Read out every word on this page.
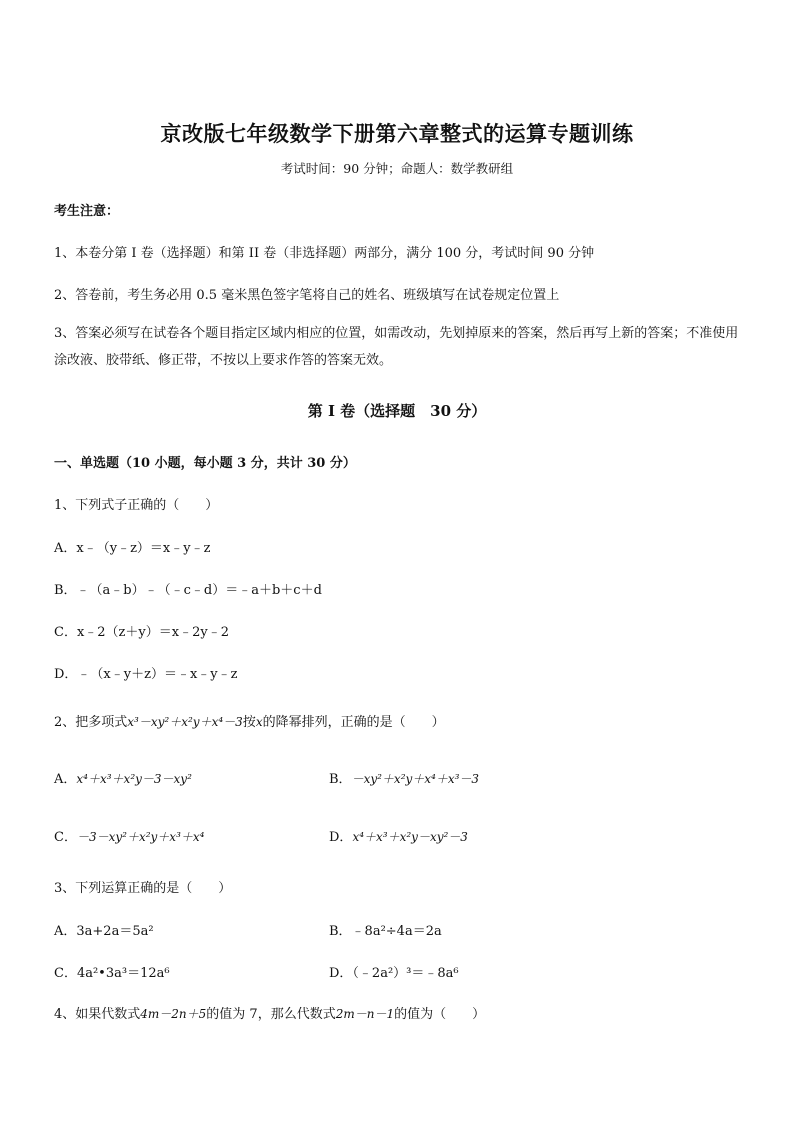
京改版七年级数学下册第六章整式的运算专题训练
考试时间：90 分钟；命题人：数学教研组
考生注意：
1、本卷分第 I 卷（选择题）和第 II 卷（非选择题）两部分，满分 100 分，考试时间 90 分钟
2、答卷前，考生务必用 0.5 毫米黑色签字笔将自己的姓名、班级填写在试卷规定位置上
3、答案必须写在试卷各个题目指定区域内相应的位置，如需改动，先划掉原来的答案，然后再写上新的答案；不准使用涂改液、胶带纸、修正带，不按以上要求作答的答案无效。
第 I 卷（选择题　30 分）
一、单选题（10 小题，每小题 3 分，共计 30 分）
1、下列式子正确的（　　）
A．x﹣（y﹣z）＝x﹣y﹣z
B．﹣（a﹣b）﹣（﹣c﹣d）＝﹣a＋b＋c＋d
C．x﹣2（z＋y）＝x﹣2y﹣2
D．﹣（x﹣y＋z）＝﹣x﹣y﹣z
2、把多项式x³－xy²＋x²y＋x⁴－3按x的降幂排列，正确的是（　　）
A．x⁴＋x³＋x²y－3－xy²	B．－xy²＋x²y＋x⁴＋x³－3
C．－3－xy²＋x²y＋x³＋x⁴	D．x⁴＋x³＋x²y－xy²－3
3、下列运算正确的是（　　）
A．3a+2a＝5a²	B．﹣8a²÷4a＝2a
C．4a²•3a³＝12a⁶	D．（﹣2a²）³＝﹣8a⁶
4、如果代数式4m－2n＋5的值为 7，那么代数式2m－n－1的值为（　　）
